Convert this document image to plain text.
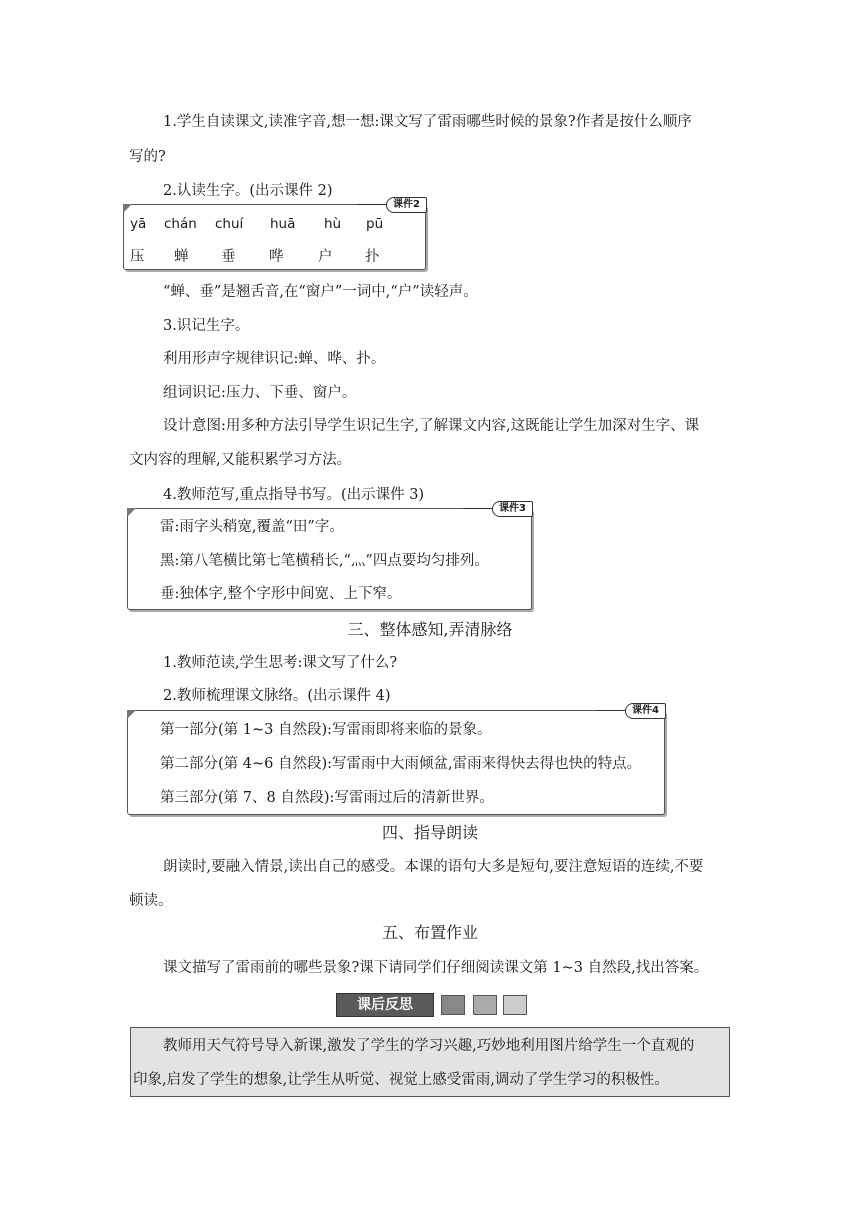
1.学生自读课文,读准字音,想一想:课文写了雷雨哪些时候的景象?作者是按什么顺序
写的?
2.认读生字。(出示课件 2)
课件2
yā chán chuí huā hù pū
压 蝉 垂 哗 户 扑
“蝉、垂”是翘舌音,在“窗户”一词中,“户”读轻声。
3.识记生字。
利用形声字规律识记:蝉、哗、扑。
组词识记:压力、下垂、窗户。
设计意图:用多种方法引导学生识记生字,了解课文内容,这既能让学生加深对生字、课
文内容的理解,又能积累学习方法。
4.教师范写,重点指导书写。(出示课件 3)
课件3
雷:雨字头稍宽,覆盖“田”字。
黑:第八笔横比第七笔横稍长,“灬”四点要均匀排列。
垂:独体字,整个字形中间宽、上下窄。
三、整体感知,弄清脉络
1.教师范读,学生思考:课文写了什么?
2.教师梳理课文脉络。(出示课件 4)
课件4
第一部分(第 1~3 自然段):写雷雨即将来临的景象。
第二部分(第 4~6 自然段):写雷雨中大雨倾盆,雷雨来得快去得也快的特点。
第三部分(第 7、8 自然段):写雷雨过后的清新世界。
四、指导朗读
朗读时,要融入情景,读出自己的感受。本课的语句大多是短句,要注意短语的连续,不要
顿读。
五、布置作业
课文描写了雷雨前的哪些景象?课下请同学们仔细阅读课文第 1~3 自然段,找出答案。
课后反思
教师用天气符号导入新课,激发了学生的学习兴趣,巧妙地利用图片给学生一个直观的
印象,启发了学生的想象,让学生从听觉、视觉上感受雷雨,调动了学生学习的积极性。
